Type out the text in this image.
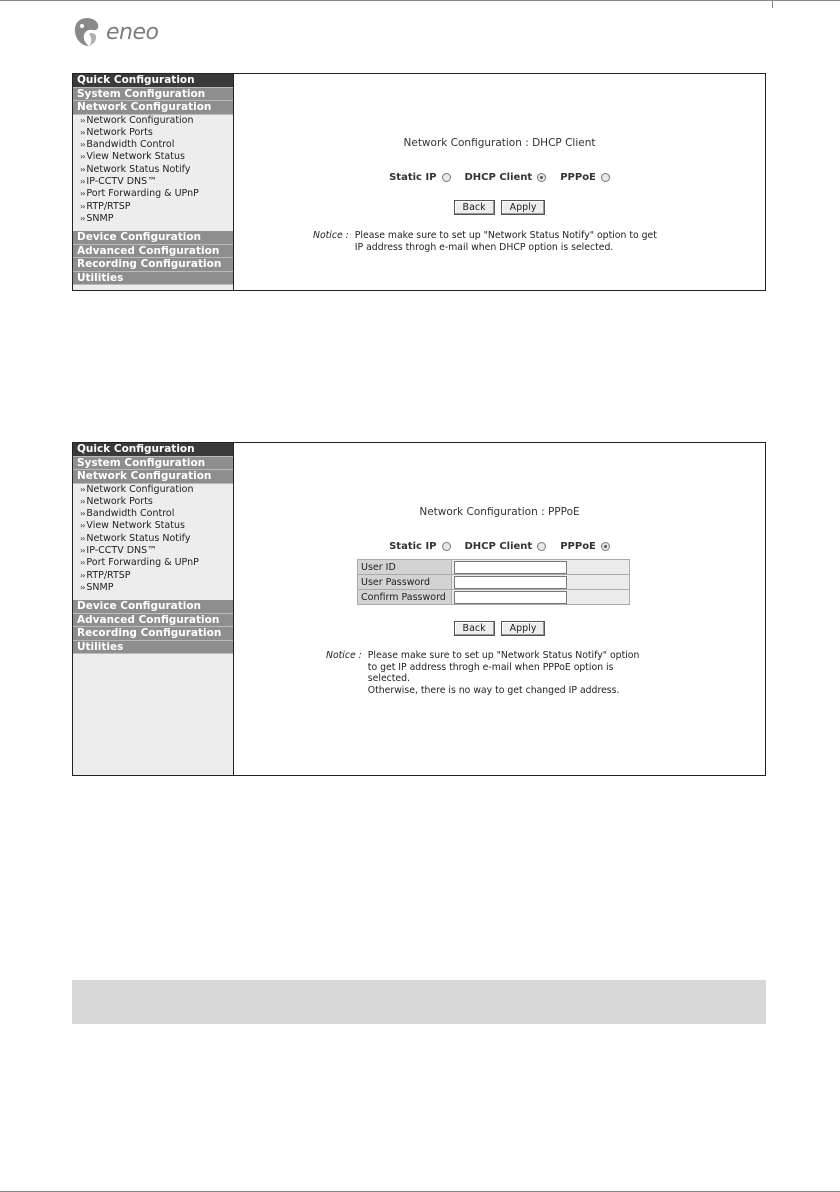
eneo
Quick Configuration
System Configuration
Network Configuration
›› Network Configuration
›› Network Ports
›› Bandwidth Control
›› View Network Status
›› Network Status Notify
›› IP-CCTV DNS™
›› Port Forwarding & UPnP
›› RTP/RTSP
›› SNMP
Device Configuration
Advanced Configuration
Recording Configuration
Utilities
Network Configuration : DHCP Client
Static IP	DHCP Client	PPPoE
Back	Apply
Notice : Please make sure to set up "Network Status Notify" option to get
IP address throgh e-mail when DHCP option is selected.
Quick Configuration
System Configuration
Network Configuration
›› Network Configuration
›› Network Ports
›› Bandwidth Control
›› View Network Status
›› Network Status Notify
›› IP-CCTV DNS™
›› Port Forwarding & UPnP
›› RTP/RTSP
›› SNMP
Device Configuration
Advanced Configuration
Recording Configuration
Utilities
Network Configuration : PPPoE
Static IP	DHCP Client	PPPoE
User ID	

User Password	

Confirm Password	
Back	Apply
Notice : Please make sure to set up "Network Status Notify" option
to get IP address throgh e-mail when PPPoE option is
selected.
Otherwise, there is no way to get changed IP address.
